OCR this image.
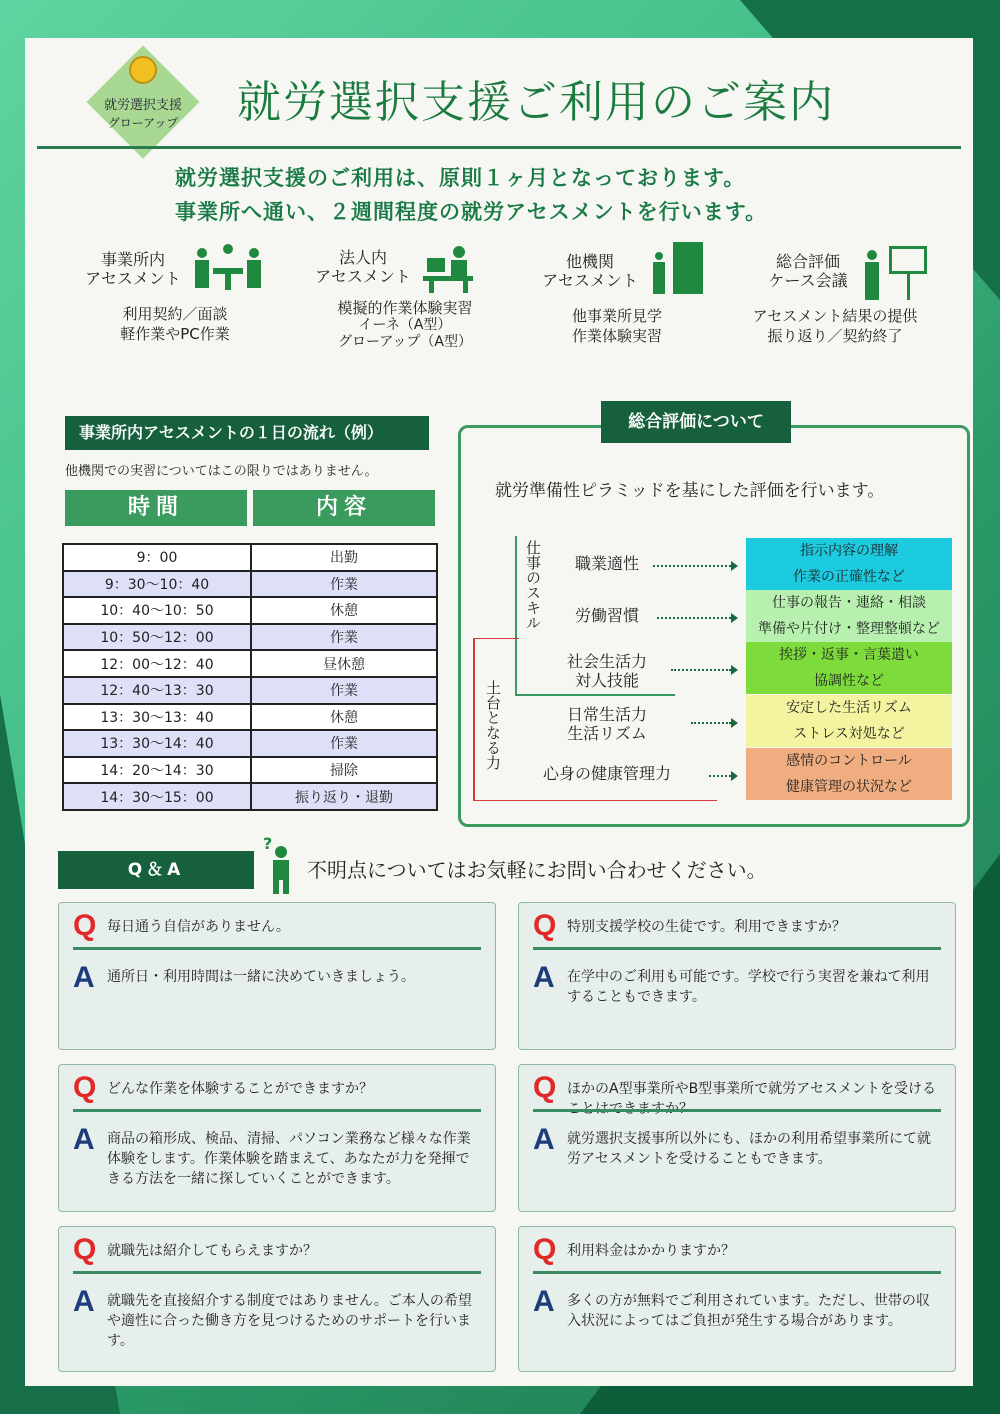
就労選択支援
グローアップ	就労選択支援ご利用のご案内
就労選択支援のご利用は、原則１ヶ月となっております。
事業所へ通い、２週間程度の就労アセスメントを行います。
事業所内
アセスメント
利用契約／面談
軽作業やPC作業
法人内
アセスメント
模擬的作業体験実習
イーネ（A型）
グローアップ（A型）
他機関
アセスメント
他事業所見学
作業体験実習
総合評価
ケース会議
アセスメント結果の提供
振り返り／契約終了
事業所内アセスメントの１日の流れ（例）
他機関での実習についてはこの限りではありません。
時間	内容
9：00	出勤
9：30〜10：40	作業
10：40〜10：50	休憩
10：50〜12：00	作業
12：00〜12：40	昼休憩
12：40〜13：30	作業
13：30〜13：40	休憩
13：30〜14：40	作業
14：20〜14：30	掃除
14：30〜15：00	振り返り・退勤
総合評価について
就労準備性ピラミッドを基にした評価を行います。
仕事のスキル
土台となる力
職業適性
指示内容の理解
作業の正確性など
労働習慣
仕事の報告・連絡・相談
準備や片付け・整理整頓など
社会生活力
対人技能
挨拶・返事・言葉遣い
協調性など
日常生活力
生活リズム
安定した生活リズム
ストレス対処など
心身の健康管理力
感情のコントロール
健康管理の状況など
Q＆A
?
不明点についてはお気軽にお問い合わせください。
Q 毎日通う自信がありません。
A 通所日・利用時間は一緒に決めていきましょう。
Q 特別支援学校の生徒です。利用できますか？
A 在学中のご利用も可能です。学校で行う実習を兼ねて利用することもできます。
Q どんな作業を体験することができますか？
A 商品の箱形成、検品、清掃、パソコン業務など様々な作業体験をします。作業体験を踏まえて、あなたが力を発揮できる方法を一緒に探していくことができます。
Q ほかのA型事業所やB型事業所で就労アセスメントを受ける
A 就労選択支援事所以外にも、ほかの利用希望事業所にて就労アセスメントを受けることもできます。
Q 就職先は紹介してもらえますか？
A 就職先を直接紹介する制度ではありません。ご本人の希望や適性に合った働き方を見つけるためのサポートを行います。
Q 利用料金はかかりますか？
A 多くの方が無料でご利用されています。ただし、世帯の収入状況によってはご負担が発生する場合があります。
